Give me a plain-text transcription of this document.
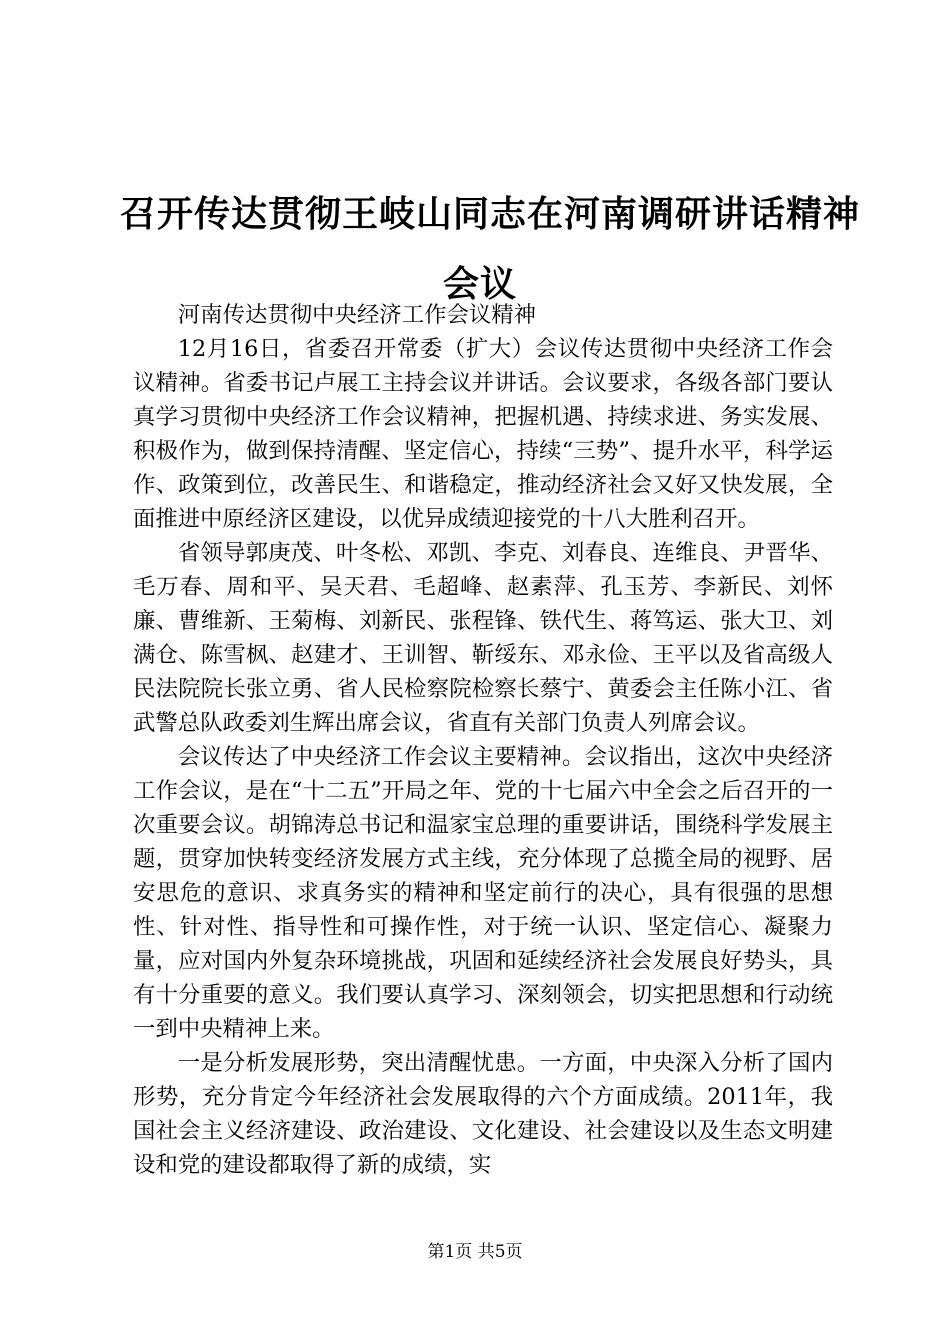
召开传达贯彻王岐山同志在河南调研讲话精神
会议

河南传达贯彻中央经济工作会议精神

12月16日，省委召开常委（扩大）会议传达贯彻中央经济工作会议精神。省委书记卢展工主持会议并讲话。会议要求，各级各部门要认真学习贯彻中央经济工作会议精神，把握机遇、持续求进、务实发展、积极作为，做到保持清醒、坚定信心，持续“三势”、提升水平，科学运作、政策到位，改善民生、和谐稳定，推动经济社会又好又快发展，全面推进中原经济区建设，以优异成绩迎接党的十八大胜利召开。

省领导郭庚茂、叶冬松、邓凯、李克、刘春良、连维良、尹晋华、毛万春、周和平、吴天君、毛超峰、赵素萍、孔玉芳、李新民、刘怀廉、曹维新、王菊梅、刘新民、张程锋、铁代生、蒋笃运、张大卫、刘满仓、陈雪枫、赵建才、王训智、靳绥东、邓永俭、王平以及省高级人民法院院长张立勇、省人民检察院检察长蔡宁、黄委会主任陈小江、省武警总队政委刘生辉出席会议，省直有关部门负责人列席会议。

会议传达了中央经济工作会议主要精神。会议指出，这次中央经济工作会议，是在“十二五”开局之年、党的十七届六中全会之后召开的一次重要会议。胡锦涛总书记和温家宝总理的重要讲话，围绕科学发展主题，贯穿加快转变经济发展方式主线，充分体现了总揽全局的视野、居安思危的意识、求真务实的精神和坚定前行的决心，具有很强的思想性、针对性、指导性和可操作性，对于统一认识、坚定信心、凝聚力量，应对国内外复杂环境挑战，巩固和延续经济社会发展良好势头，具有十分重要的意义。我们要认真学习、深刻领会，切实把思想和行动统一到中央精神上来。

一是分析发展形势，突出清醒忧患。一方面，中央深入分析了国内形势，充分肯定今年经济社会发展取得的六个方面成绩。2011年，我国社会主义经济建设、政治建设、文化建设、社会建设以及生态文明建设和党的建设都取得了新的成绩，实

第1页 共5页
